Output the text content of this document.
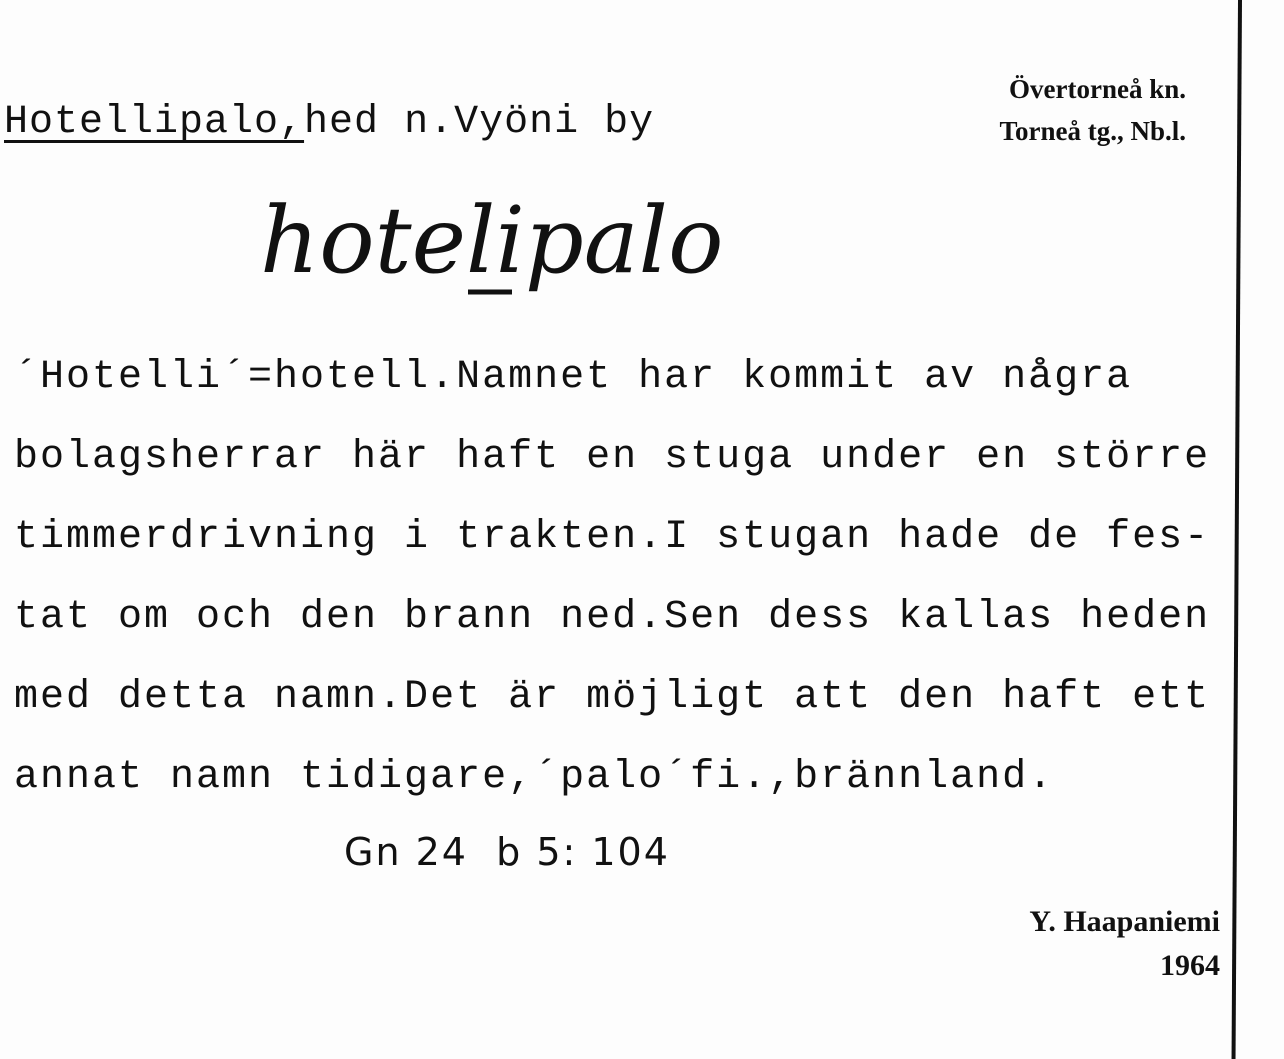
Hotellipalo,hed n.Vyöni by
Övertorneå kn.
Torneå tg., Nb.l.
hotelipalo
´Hotelli´=hotell.Namnet har kommit av några
bolagsherrar här haft en stuga under en större
timmerdrivning i trakten.I stugan hade de fes-
tat om och den brann ned.Sen dess kallas heden
med detta namn.Det är möjligt att den haft ett
annat namn tidigare,´palo´fi.,brännland.
Gn 24  b 5: 104
Y. Haapaniemi
1964
